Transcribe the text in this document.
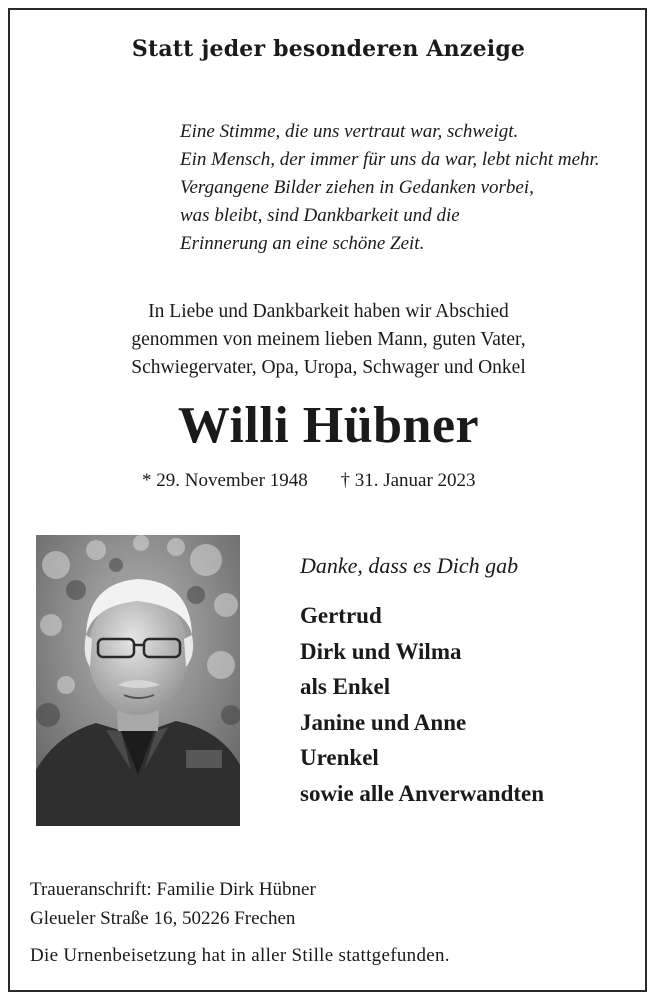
Statt jeder besonderen Anzeige
Eine Stimme, die uns vertraut war, schweigt.
Ein Mensch, der immer für uns da war, lebt nicht mehr.
Vergangene Bilder ziehen in Gedanken vorbei,
was bleibt, sind Dankbarkeit und die
Erinnerung an eine schöne Zeit.
In Liebe und Dankbarkeit haben wir Abschied
genommen von meinem lieben Mann, guten Vater,
Schwiegervater, Opa, Uropa, Schwager und Onkel
Willi Hübner
* 29. November 1948 † 31. Januar 2023
Danke, dass es Dich gab
Gertrud
Dirk und Wilma
als Enkel
Janine und Anne
Urenkel
sowie alle Anverwandten
Traueranschrift: Familie Dirk Hübner
Gleueler Straße 16, 50226 Frechen
Die Urnenbeisetzung hat in aller Stille stattgefunden.
